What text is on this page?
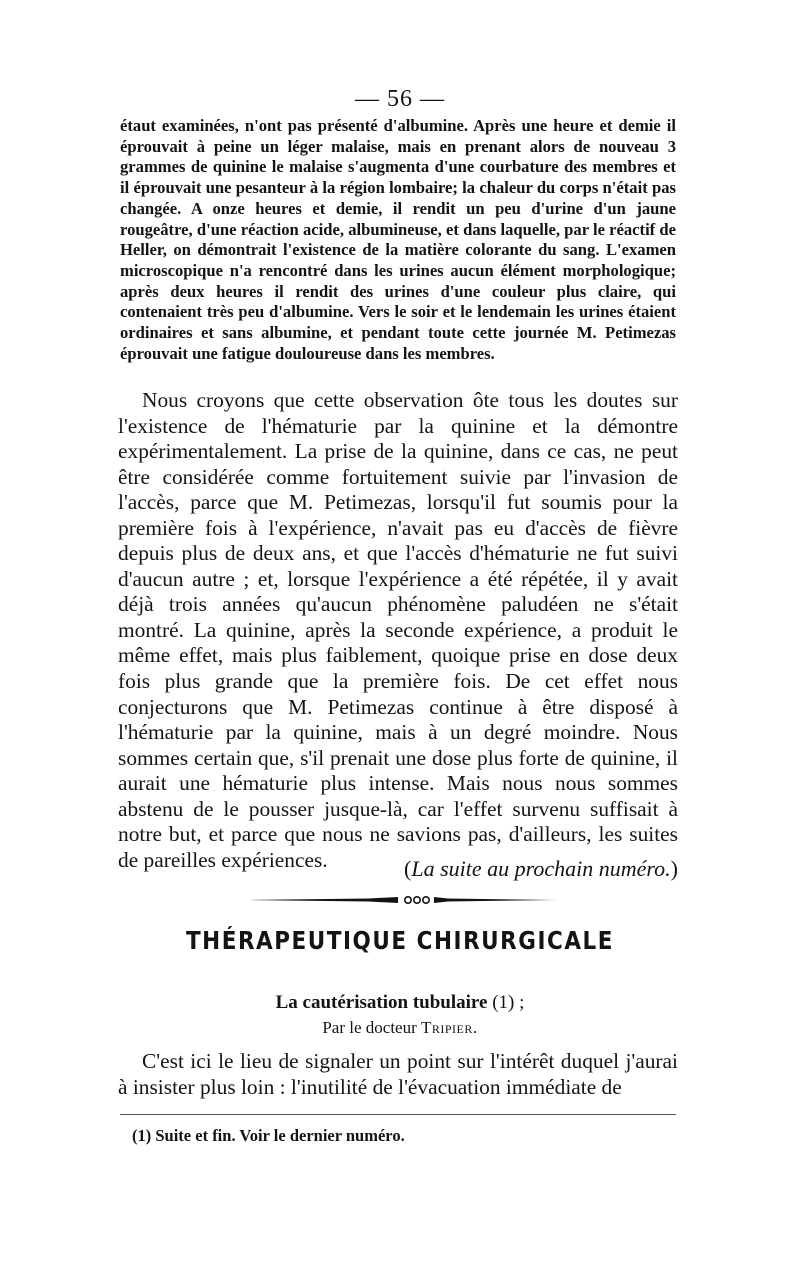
— 56 —

étaut examinées, n'ont pas présenté d'albumine. Après une heure et demie il éprouvait à peine un léger malaise, mais en prenant alors de nouveau 3 grammes de quinine le malaise s'augmenta d'une courbature des membres et il éprouvait une pesanteur à la région lombaire; la chaleur du corps n'était pas changée. A onze heures et demie, il rendit un peu d'urine d'un jaune rougeâtre, d'une réaction acide, albumineuse, et dans laquelle, par le réactif de Heller, on démontrait l'existence de la matière colorante du sang. L'examen microscopique n'a rencontré dans les urines aucun élément morphologique; après deux heures il rendit des urines d'une couleur plus claire, qui contenaient très peu d'albumine. Vers le soir et le lendemain les urines étaient ordinaires et sans albumine, et pendant toute cette journée M. Petimezas éprouvait une fatigue douloureuse dans les membres.

Nous croyons que cette observation ôte tous les doutes sur l'existence de l'hématurie par la quinine et la démontre expérimentalement. La prise de la quinine, dans ce cas, ne peut être considérée comme fortuitement suivie par l'invasion de l'accès, parce que M. Petimezas, lorsqu'il fut soumis pour la première fois à l'expérience, n'avait pas eu d'accès de fièvre depuis plus de deux ans, et que l'accès d'hématurie ne fut suivi d'aucun autre ; et, lorsque l'expérience a été répétée, il y avait déjà trois années qu'aucun phénomène paludéen ne s'était montré. La quinine, après la seconde expérience, a produit le même effet, mais plus faiblement, quoique prise en dose deux fois plus grande que la première fois. De cet effet nous conjecturons que M. Petimezas continue à être disposé à l'hématurie par la quinine, mais à un degré moindre. Nous sommes certain que, s'il prenait une dose plus forte de quinine, il aurait une hématurie plus intense. Mais nous nous sommes abstenu de le pousser jusque-là, car l'effet survenu suffisait à notre but, et parce que nous ne savions pas, d'ailleurs, les suites de pareilles expériences.	(La suite au prochain numéro.)
THÉRAPEUTIQUE CHIRURGICALE
La cautérisation tubulaire (1) ;
Par le docteur Tripier.

C'est ici le lieu de signaler un point sur l'intérêt duquel j'aurai à insister plus loin : l'inutilité de l'évacuation immédiate de

(1) Suite et fin. Voir le dernier numéro.
